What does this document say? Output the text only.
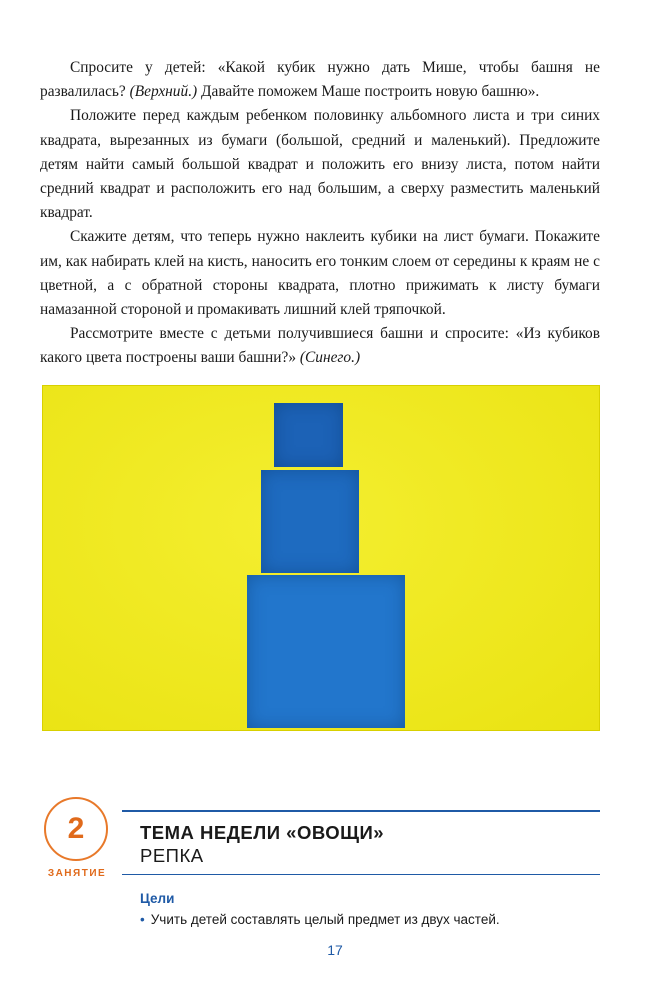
Спросите у детей: «Какой кубик нужно дать Мише, чтобы башня не развалилась? (Верхний.) Давайте поможем Маше построить новую башню».

Положите перед каждым ребенком половинку альбомного листа и три синих квадрата, вырезанных из бумаги (большой, средний и маленький). Предложите детям найти самый большой квадрат и положить его внизу листа, потом найти средний квадрат и расположить его над большим, а сверху разместить маленький квадрат.

Скажите детям, что теперь нужно наклеить кубики на лист бумаги. Покажите им, как набирать клей на кисть, наносить его тонким слоем от середины к краям не с цветной, а с обратной стороны квадрата, плотно прижимать к листу бумаги намазанной стороной и промакивать лишний клей тряпочкой.

Рассмотрите вместе с детьми получившиеся башни и спросите: «Из кубиков какого цвета построены ваши башни?» (Синего.)

2
ЗАНЯТИЕ
ТЕМА НЕДЕЛИ «ОВОЩИ»
РЕПКА
Цели
• Учить детей составлять целый предмет из двух частей.
17
